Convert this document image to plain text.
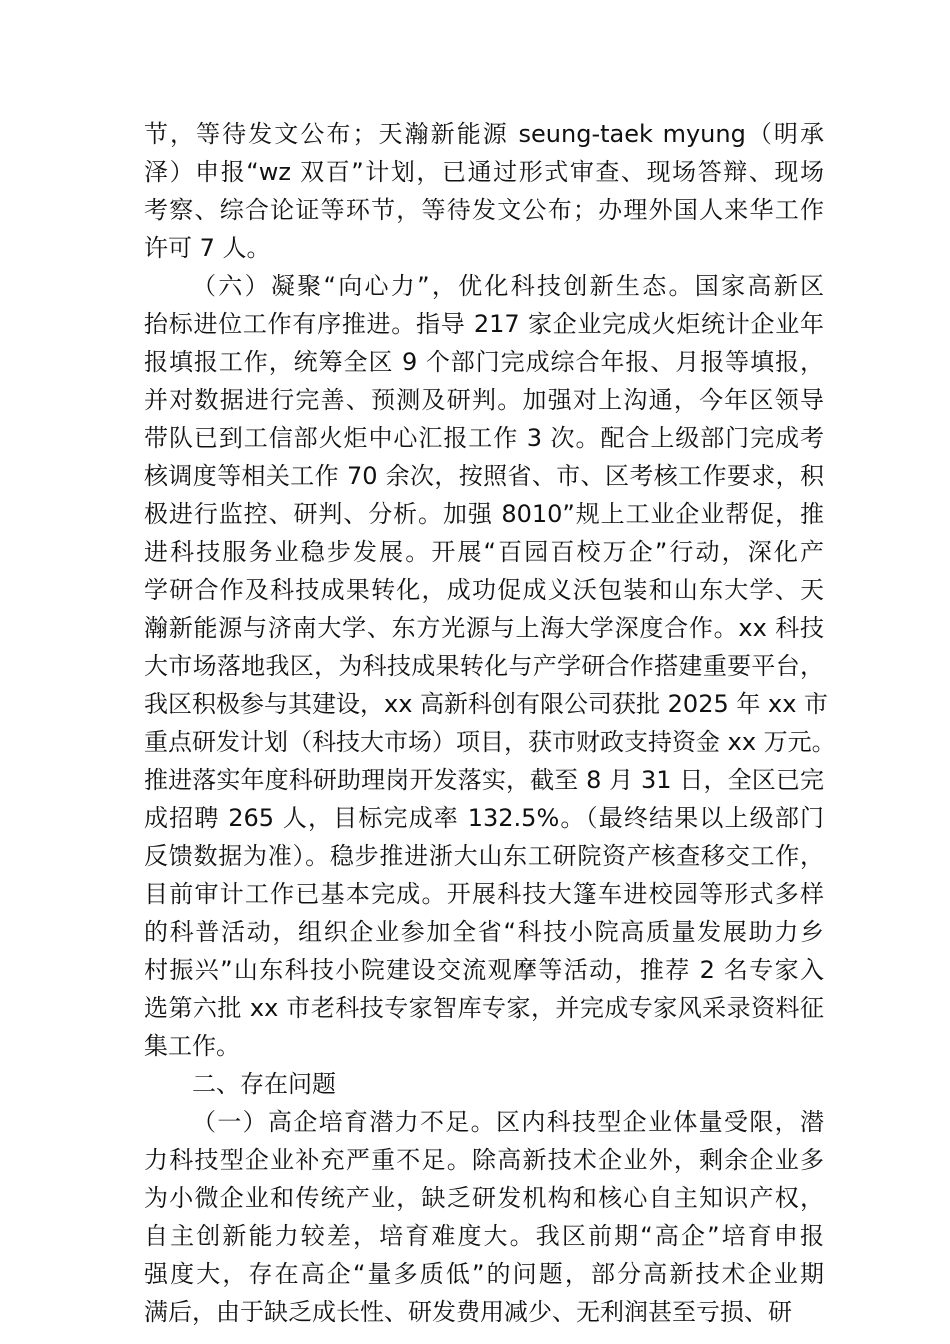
节，等待发文公布；天瀚新能源 seung-taek myung（明承
泽）申报“wz 双百”计划，已通过形式审查、现场答辩、现场
考察、综合论证等环节，等待发文公布；办理外国人来华工作
许可 7 人。
（六）凝聚“向心力”，优化科技创新生态。国家高新区
抬标进位工作有序推进。指导 217 家企业完成火炬统计企业年
报填报工作，统筹全区 9 个部门完成综合年报、月报等填报，
并对数据进行完善、预测及研判。加强对上沟通，今年区领导
带队已到工信部火炬中心汇报工作 3 次。配合上级部门完成考
核调度等相关工作 70 余次，按照省、市、区考核工作要求，积
极进行监控、研判、分析。加强 8010”规上工业企业帮促，推
进科技服务业稳步发展。开展“百园百校万企”行动，深化产
学研合作及科技成果转化，成功促成义沃包装和山东大学、天
瀚新能源与济南大学、东方光源与上海大学深度合作。xx 科技
大市场落地我区，为科技成果转化与产学研合作搭建重要平台，
我区积极参与其建设，xx 高新科创有限公司获批 2025 年 xx 市
重点研发计划（科技大市场）项目，获市财政支持资金 xx 万元。
推进落实年度科研助理岗开发落实，截至 8 月 31 日，全区已完
成招聘 265 人，目标完成率 132.5%。（最终结果以上级部门
反馈数据为准）。稳步推进浙大山东工研院资产核查移交工作，
目前审计工作已基本完成。开展科技大篷车进校园等形式多样
的科普活动，组织企业参加全省“科技小院高质量发展助力乡
村振兴”山东科技小院建设交流观摩等活动，推荐 2 名专家入
选第六批 xx 市老科技专家智库专家，并完成专家风采录资料征
集工作。
二、存在问题
（一）高企培育潜力不足。区内科技型企业体量受限，潜
力科技型企业补充严重不足。除高新技术企业外，剩余企业多
为小微企业和传统产业，缺乏研发机构和核心自主知识产权，
自主创新能力较差，培育难度大。我区前期“高企”培育申报
强度大，存在高企“量多质低”的问题，部分高新技术企业期
满后，由于缺乏成长性、研发费用减少、无利润甚至亏损、研
